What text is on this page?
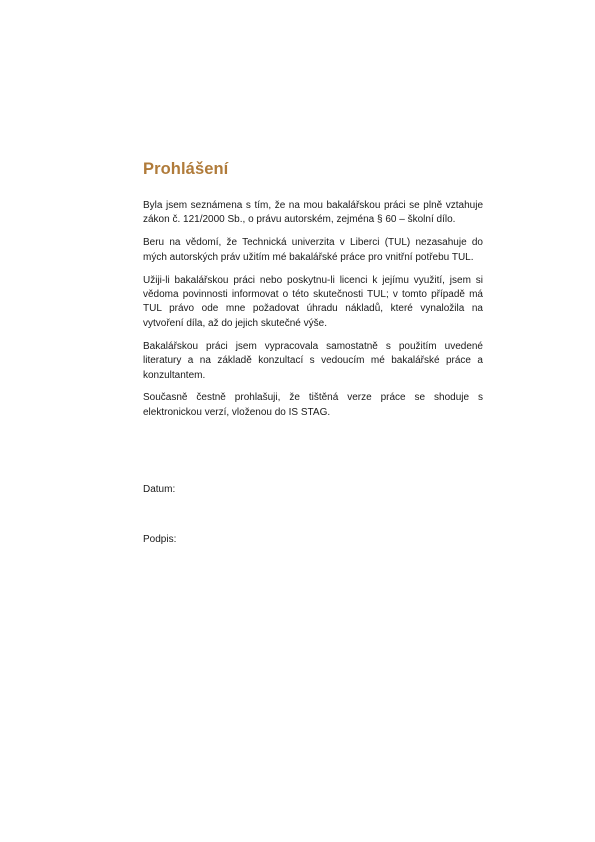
Prohlášení

Byla jsem seznámena s tím, že na mou bakalářskou práci se plně vztahuje zákon č. 121/2000 Sb., o právu autorském, zejména § 60 – školní dílo.

Beru na vědomí, že Technická univerzita v Liberci (TUL) nezasahuje do mých autorských práv užitím mé bakalářské práce pro vnitřní potřebu TUL.

Užiji-li bakalářskou práci nebo poskytnu-li licenci k jejímu využití, jsem si vědoma povinnosti informovat o této skutečnosti TUL; v tomto případě má TUL právo ode mne požadovat úhradu nákladů, které vynaložila na vytvoření díla, až do jejich skutečné výše.

Bakalářskou práci jsem vypracovala samostatně s použitím uvedené literatury a na základě konzultací s vedoucím mé bakalářské práce a konzultantem.

Současně čestně prohlašuji, že tištěná verze práce se shoduje s elektronickou verzí, vloženou do IS STAG.

Datum:

Podpis:
